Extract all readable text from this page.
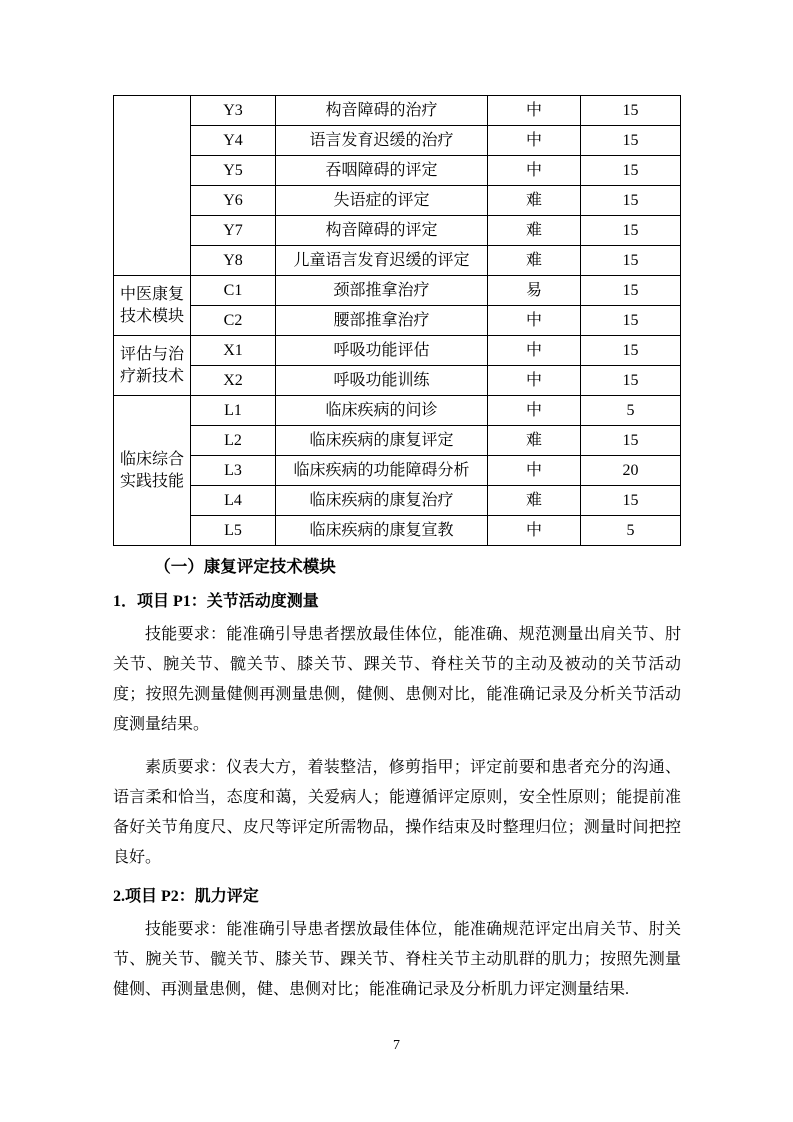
	Y3	构音障碍的治疗	中	15
	Y4	语言发育迟缓的治疗	中	15
	Y5	吞咽障碍的评定	中	15
	Y6	失语症的评定	难	15
	Y7	构音障碍的评定	难	15
	Y8	儿童语言发育迟缓的评定	难	15
中医康复技术模块	C1	颈部推拿治疗	易	15
	C2	腰部推拿治疗	中	15
评估与治疗新技术	X1	呼吸功能评估	中	15
	X2	呼吸功能训练	中	15
临床综合实践技能	L1	临床疾病的问诊	中	5
	L2	临床疾病的康复评定	难	15
	L3	临床疾病的功能障碍分析	中	20
	L4	临床疾病的康复治疗	难	15
	L5	临床疾病的康复宣教	中	5
（一）康复评定技术模块
1．项目 P1：关节活动度测量

技能要求：能准确引导患者摆放最佳体位，能准确、规范测量出肩关节、肘关节、腕关节、髋关节、膝关节、踝关节、脊柱关节的主动及被动的关节活动度；按照先测量健侧再测量患侧，健侧、患侧对比，能准确记录及分析关节活动度测量结果。

素质要求：仪表大方，着装整洁，修剪指甲；评定前要和患者充分的沟通、语言柔和恰当，态度和蔼，关爱病人；能遵循评定原则，安全性原则；能提前准备好关节角度尺、皮尺等评定所需物品，操作结束及时整理归位；测量时间把控良好。

2.项目 P2：肌力评定

技能要求：能准确引导患者摆放最佳体位，能准确规范评定出肩关节、肘关节、腕关节、髋关节、膝关节、踝关节、脊柱关节主动肌群的肌力；按照先测量健侧、再测量患侧，健、患侧对比；能准确记录及分析肌力评定测量结果.

7
